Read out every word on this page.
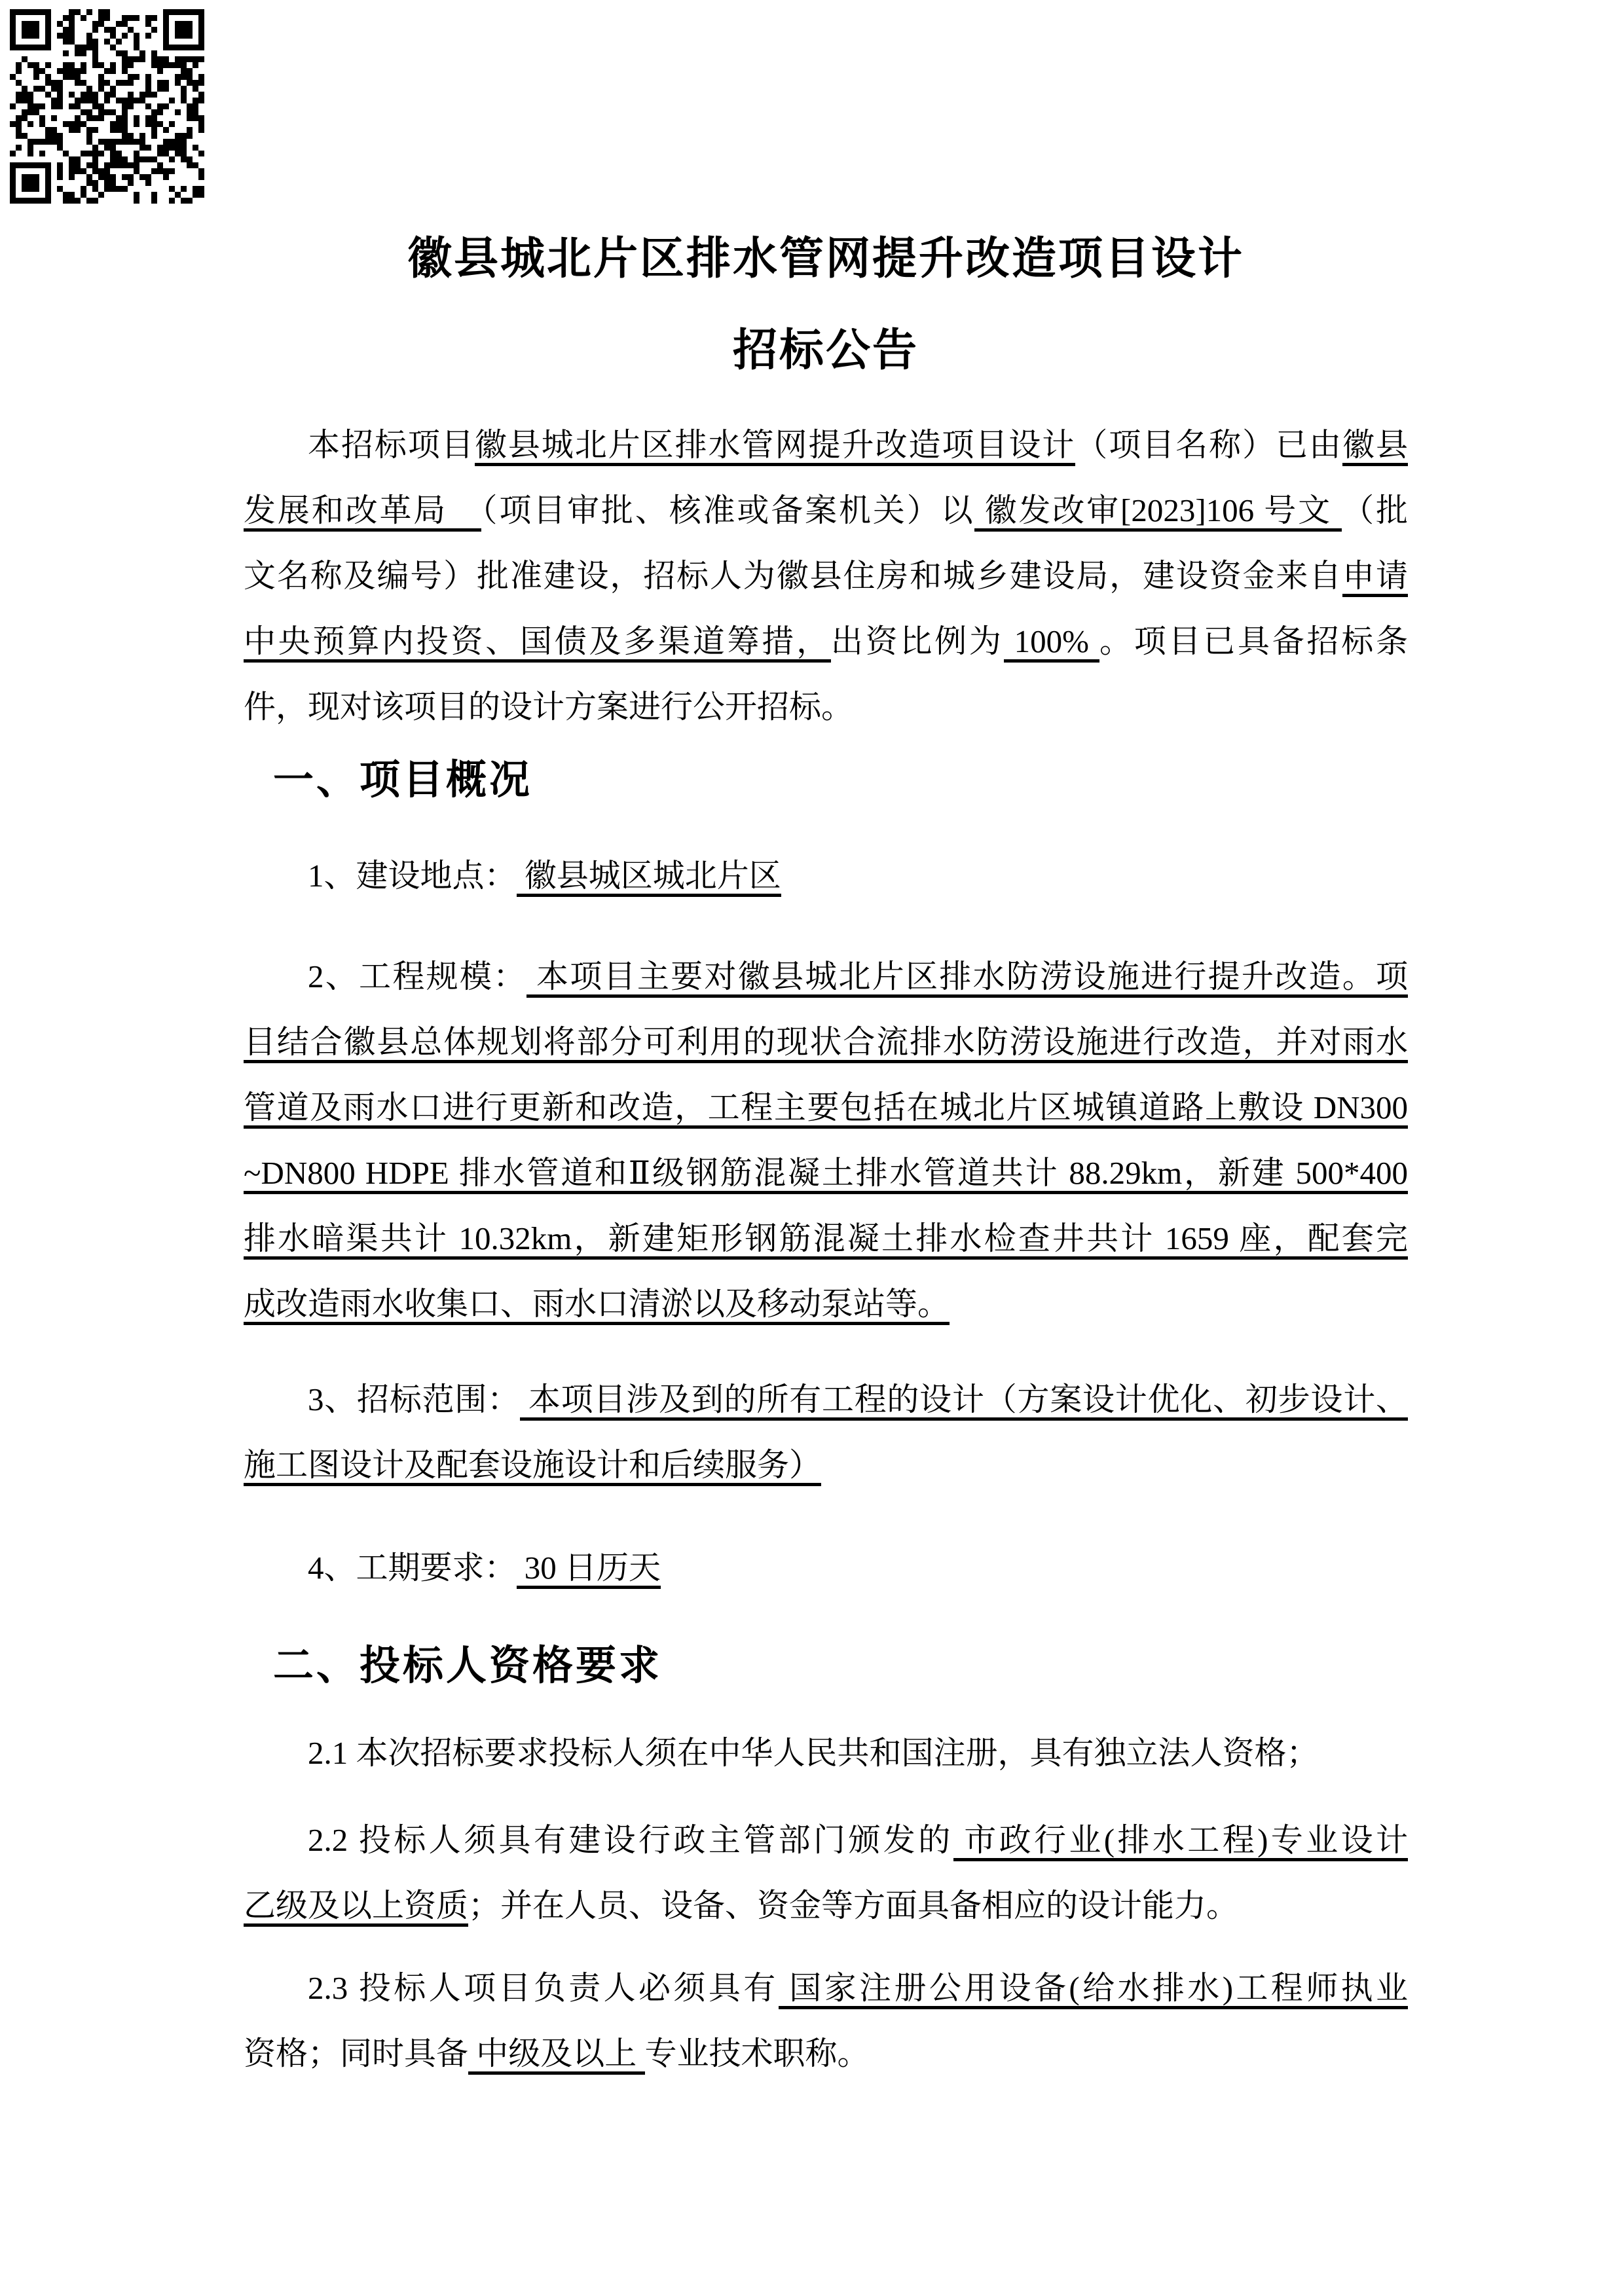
徽县城北片区排水管网提升改造项目设计
招标公告
本招标项目徽县城北片区排水管网提升改造项目设计（项目名称）已由徽县
发展和改革局　（项目审批、核准或备案机关）以 徽发改审[2023]106 号文 （批
文名称及编号）批准建设，招标人为徽县住房和城乡建设局，建设资金来自申请
中央预算内投资、国债及多渠道筹措，出资比例为 100% 。项目已具备招标条
件，现对该项目的设计方案进行公开招标。
一、项目概况
1、建设地点： 徽县城区城北片区
2、工程规模： 本项目主要对徽县城北片区排水防涝设施进行提升改造。项
目结合徽县总体规划将部分可利用的现状合流排水防涝设施进行改造，并对雨水
管道及雨水口进行更新和改造，工程主要包括在城北片区城镇道路上敷设 DN300
~DN800 HDPE 排水管道和Ⅱ级钢筋混凝土排水管道共计 88.29km，新建 500*400
排水暗渠共计 10.32km，新建矩形钢筋混凝土排水检查井共计 1659 座，配套完
成改造雨水收集口、雨水口清淤以及移动泵站等。
3、招标范围： 本项目涉及到的所有工程的设计（方案设计优化、初步设计、
施工图设计及配套设施设计和后续服务）
4、工期要求： 30 日历天
二、投标人资格要求
2.1 本次招标要求投标人须在中华人民共和国注册，具有独立法人资格；
2.2 投标人须具有建设行政主管部门颁发的 市政行业(排水工程)专业设计
乙级及以上资质；并在人员、设备、资金等方面具备相应的设计能力。
2.3 投标人项目负责人必须具有 国家注册公用设备(给水排水)工程师执业
资格；同时具备 中级及以上 专业技术职称。
